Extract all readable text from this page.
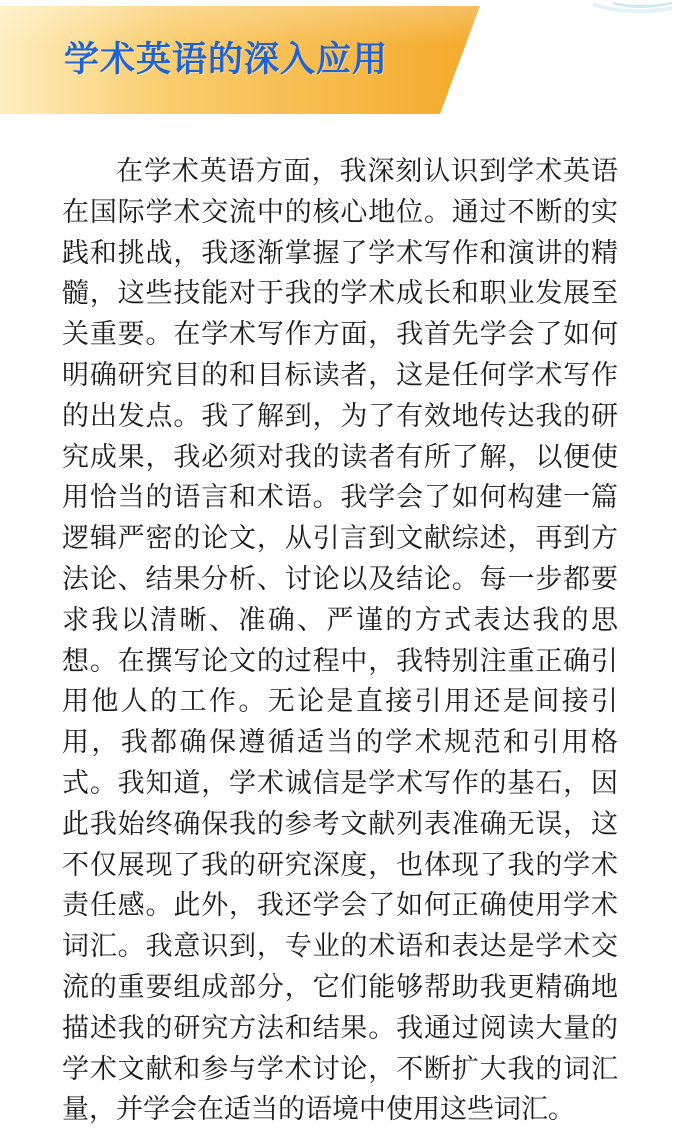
学术英语的深入应用

在学术英语方面，我深刻认识到学术英语在国际学术交流中的核心地位。通过不断的实践和挑战，我逐渐掌握了学术写作和演讲的精髓，这些技能对于我的学术成长和职业发展至关重要。在学术写作方面，我首先学会了如何明确研究目的和目标读者，这是任何学术写作的出发点。我了解到，为了有效地传达我的研究成果，我必须对我的读者有所了解，以便使用恰当的语言和术语。我学会了如何构建一篇逻辑严密的论文，从引言到文献综述，再到方法论、结果分析、讨论以及结论。每一步都要求我以清晰、准确、严谨的方式表达我的思想。在撰写论文的过程中，我特别注重正确引用他人的工作。无论是直接引用还是间接引用，我都确保遵循适当的学术规范和引用格式。我知道，学术诚信是学术写作的基石，因此我始终确保我的参考文献列表准确无误，这不仅展现了我的研究深度，也体现了我的学术责任感。此外，我还学会了如何正确使用学术词汇。我意识到，专业的术语和表达是学术交流的重要组成部分，它们能够帮助我更精确地描述我的研究方法和结果。我通过阅读大量的学术文献和参与学术讨论，不断扩大我的词汇量，并学会在适当的语境中使用这些词汇。
